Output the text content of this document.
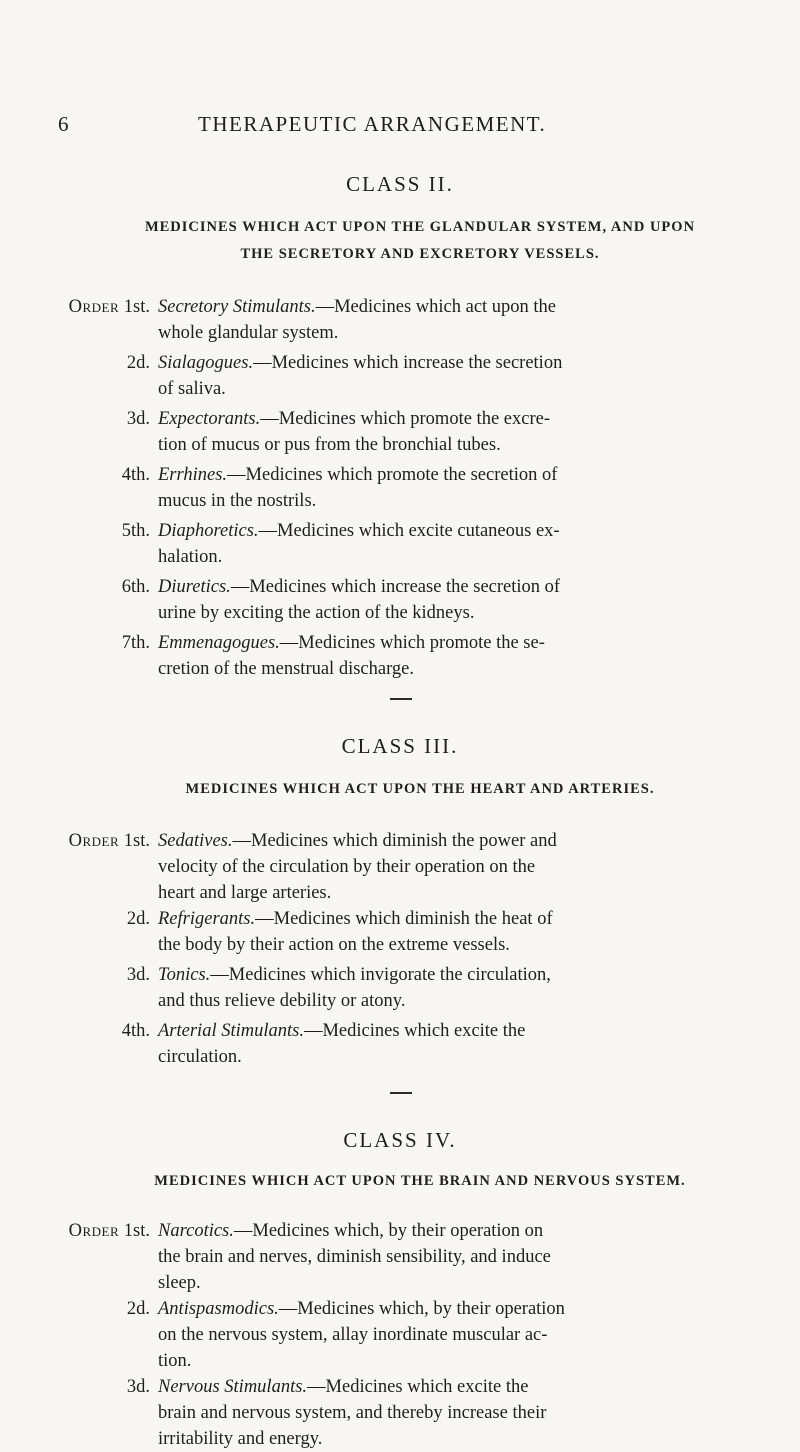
6	THERAPEUTIC ARRANGEMENT.
CLASS II.
MEDICINES WHICH ACT UPON THE GLANDULAR SYSTEM, AND UPON
THE SECRETORY AND EXCRETORY VESSELS.
Order 1st. Secretory Stimulants.—Medicines which act upon the
whole glandular system.
2d. Sialagogues.—Medicines which increase the secretion
of saliva.
3d. Expectorants.—Medicines which promote the excre-
tion of mucus or pus from the bronchial tubes.
4th. Errhines.—Medicines which promote the secretion of
mucus in the nostrils.
5th. Diaphoretics.—Medicines which excite cutaneous ex-
halation.
6th. Diuretics.—Medicines which increase the secretion of
urine by exciting the action of the kidneys.
7th. Emmenagogues.—Medicines which promote the se-
cretion of the menstrual discharge.
CLASS III.
MEDICINES WHICH ACT UPON THE HEART AND ARTERIES.
Order 1st. Sedatives.—Medicines which diminish the power and
velocity of the circulation by their operation on the
heart and large arteries.
2d. Refrigerants.—Medicines which diminish the heat of
the body by their action on the extreme vessels.
3d. Tonics.—Medicines which invigorate the circulation,
and thus relieve debility or atony.
4th. Arterial Stimulants.—Medicines which excite the
circulation.
CLASS IV.
MEDICINES WHICH ACT UPON THE BRAIN AND NERVOUS SYSTEM.
Order 1st. Narcotics.—Medicines which, by their operation on
the brain and nerves, diminish sensibility, and induce
sleep.
2d. Antispasmodics.—Medicines which, by their operation
on the nervous system, allay inordinate muscular ac-
tion.
3d. Nervous Stimulants.—Medicines which excite the
brain and nervous system, and thereby increase their
irritability and energy.
